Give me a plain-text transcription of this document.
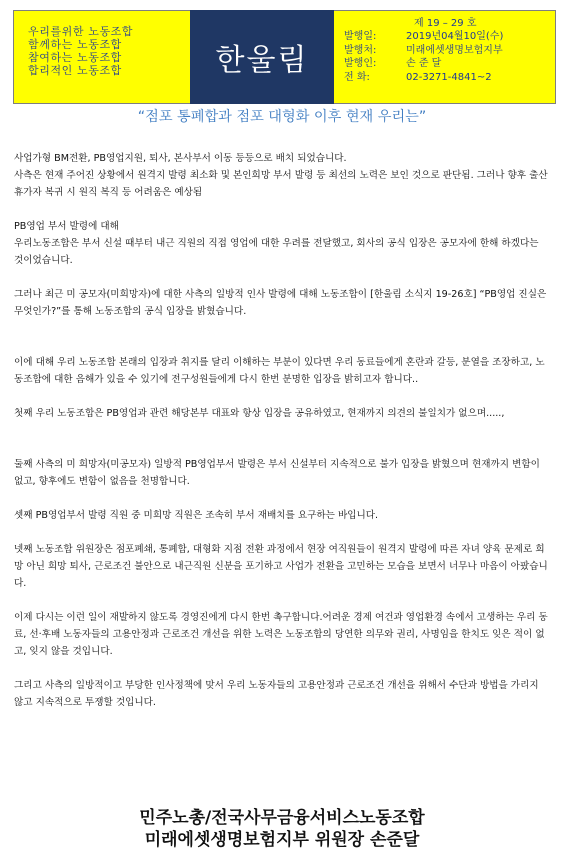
우리를위한 노동조합
함께하는 노동조합
참여하는 노동조합
합리적인 노동조합	한울림
제 19 – 29 호
발행일:	2019년04월10일(수)
발행처:	미래에셋생명보험지부
발행인:	손 준 달
전 화:	02-3271-4841~2
“점포 통폐합과 점포 대형화 이후 현재 우리는”

사업가형 BM전환, PB영업지원, 퇴사, 본사부서 이동 등등으로 배치 되었습니다.

사측은 현재 주어진 상황에서 원격지 발령 최소화 및 본인희망 부서 발령 등 최선의 노력은 보인 것으로 판단됨. 그러나 향후 출산 휴가자 복귀 시 원직 복직 등 어려움은 예상됨

PB영업 부서 발령에 대해

우리노동조합은 부서 신설 때부터 내근 직원의 직접 영업에 대한 우려를 전달했고, 회사의 공식 입장은 공모자에 한해 하겠다는 것이었습니다.

그러나 최근 미 공모자(미희망자)에 대한 사측의 일방적 인사 발령에 대해 노동조합이 [한울림 소식지 19-26호] “PB영업 진실은 무엇인가?”를 통해 노동조합의 공식 입장을 밝혔습니다.

이에 대해 우리 노동조합 본래의 입장과 취지를 달리 이해하는 부분이 있다면 우리 동료들에게 혼란과 갈등, 분열을 조장하고, 노동조합에 대한 음해가 있을 수 있기에 전구성원들에게 다시 한번 분명한 입장을 밝히고자 합니다..

첫째 우리 노동조합은 PB영업과 관련 해당본부 대표와 항상 입장을 공유하였고, 현재까지 의견의 불일치가 없으며.....,

둘째 사측의 미 희망자(미공모자) 일방적 PB영업부서 발령은 부서 신설부터 지속적으로 불가 입장을 밝혔으며 현재까지 변함이 없고, 향후에도 변함이 없음을 천명합니다.

셋째 PB영업부서 발령 직원 중 미희망 직원은 조속히 부서 재배치를 요구하는 바입니다.

넷째 노동조합 위원장은 점포폐쇄, 통폐합, 대형화 지점 전환 과정에서 현장 여직원들이 원격지 발령에 따른 자녀 양육 문제로 희망 아닌 희망 퇴사, 근로조건 불안으로 내근직원 신분을 포기하고 사업가 전환을 고민하는 모습을 보면서 너무나 마음이 아팠습니다.

이제 다시는 이런 일이 재발하지 않도록 경영진에게 다시 한번 촉구합니다.어려운 경제 여건과 영업환경 속에서 고생하는 우리 동료, 선·후배 노동자들의 고용안정과 근로조건 개선을 위한 노력은 노동조합의 당연한 의무와 권리, 사명임을 한치도 잊은 적이 없고, 잊지 않을 것입니다.

그리고 사측의 일방적이고 부당한 인사정책에 맞서 우리 노동자들의 고용안정과 근로조건 개선을 위해서 수단과 방법을 가리지 않고 지속적으로 투쟁할 것입니다.

민주노총/전국사무금융서비스노동조합
미래에셋생명보험지부 위원장 손준달
